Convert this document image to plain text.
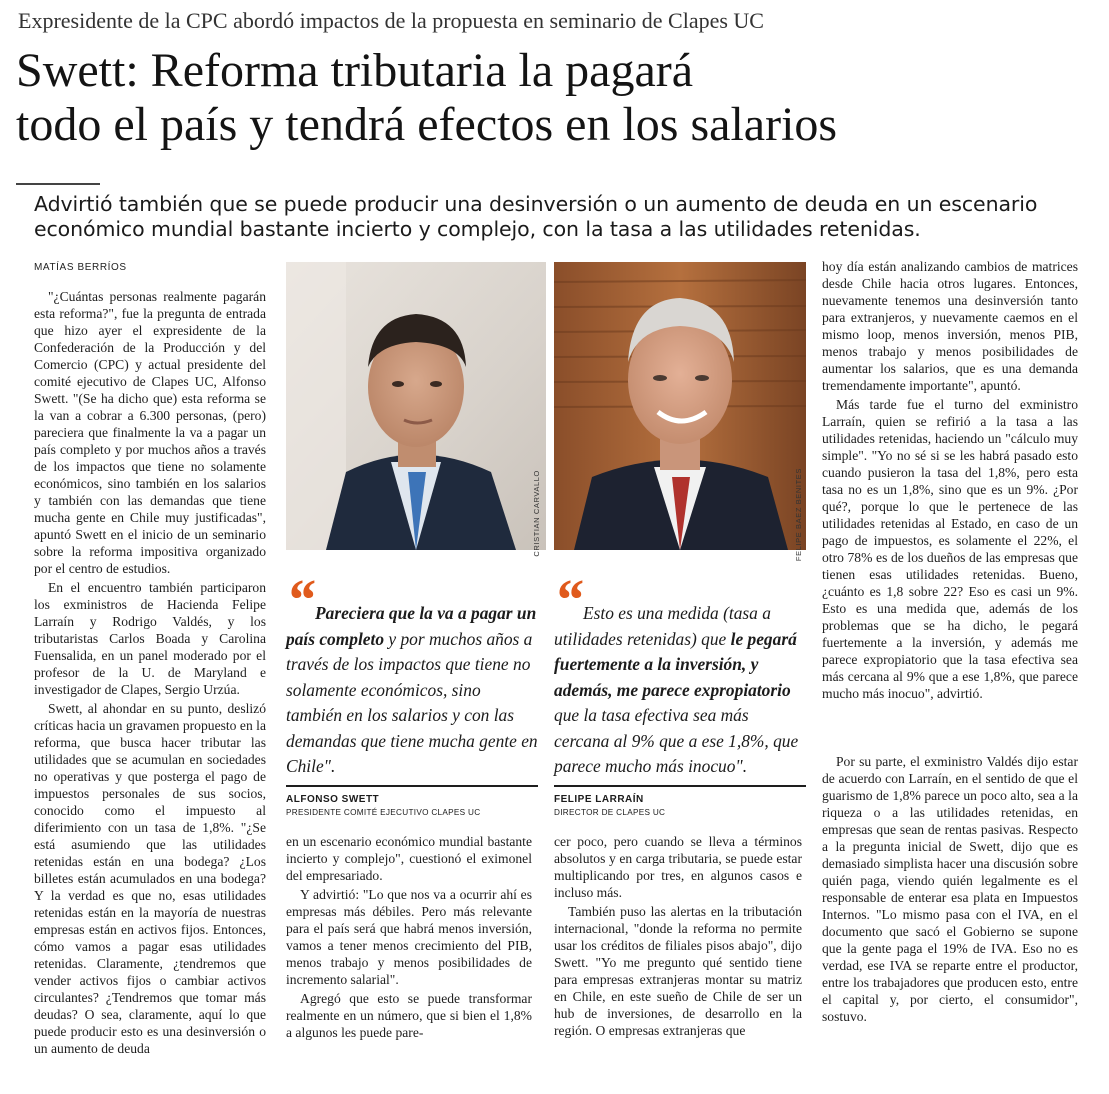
Expresidente de la CPC abordó impactos de la propuesta en seminario de Clapes UC
Swett: Reforma tributaria la pagará
todo el país y tendrá efectos en los salarios
Advirtió también que se puede producir una desinversión o un aumento de deuda en un escenario económico mundial bastante incierto y complejo, con la tasa a las utilidades retenidas.
MATÍAS BERRÍOS

"¿Cuántas personas realmente pagarán esta reforma?", fue la pregunta de entrada que hizo ayer el expresidente de la Confederación de la Producción y del Comercio (CPC) y actual presidente del comité ejecutivo de Clapes UC, Alfonso Swett. "(Se ha dicho que) esta reforma se la van a cobrar a 6.300 personas, (pero) pareciera que finalmente la va a pagar un país completo y por muchos años a través de los impactos que tiene no solamente económicos, sino también en los salarios y también con las demandas que tiene mucha gente en Chile muy justificadas", apuntó Swett en el inicio de un seminario sobre la reforma impositiva organizado por el centro de estudios.

En el encuentro también participaron los exministros de Hacienda Felipe Larraín y Rodrigo Valdés, y los tributaristas Carlos Boada y Carolina Fuensalida, en un panel moderado por el profesor de la U. de Maryland e investigador de Clapes, Sergio Urzúa.

Swett, al ahondar en su punto, deslizó críticas hacia un gravamen propuesto en la reforma, que busca hacer tributar las utilidades que se acumulan en sociedades no operativas y que posterga el pago de impuestos personales de sus socios, conocido como el impuesto al diferimiento con un tasa de 1,8%. "¿Se está asumiendo que las utilidades retenidas están en una bodega? ¿Los billetes están acumulados en una bodega? Y la verdad es que no, esas utilidades retenidas están en la mayoría de nuestras empresas están en activos fijos. Entonces, cómo vamos a pagar esas utilidades retenidas. Claramente, ¿tendremos que vender activos fijos o cambiar activos circulantes? ¿Tendremos que tomar más deudas? O sea, claramente, aquí lo que puede producir esto es una desinversión o un aumento de deuda

CRISTIAN CARVALLO	FELIPE BAEZ BENITES
“Pareciera que la va a pagar un país completo y por muchos años a través de los impactos que tiene no solamente económicos, sino también en los salarios y con las demandas que tiene mucha gente en Chile".
ALFONSO SWETT
PRESIDENTE COMITÉ EJECUTIVO CLAPES UC
“Esto es una medida (tasa a utilidades retenidas) que le pegará fuertemente a la inversión, y además, me parece expropiatorio que la tasa efectiva sea más cercana al 9% que a ese 1,8%, que parece mucho más inocuo".
FELIPE LARRAÍN
DIRECTOR DE CLAPES UC

en un escenario económico mundial bastante incierto y complejo", cuestionó el eximonel del empresariado.

Y advirtió: "Lo que nos va a ocurrir ahí es empresas más débiles. Pero más relevante para el país será que habrá menos inversión, vamos a tener menos crecimiento del PIB, menos trabajo y menos posibilidades de incremento salarial".

Agregó que esto se puede transformar realmente en un número, que si bien el 1,8% a algunos les puede pare-

cer poco, pero cuando se lleva a términos absolutos y en carga tributaria, se puede estar multiplicando por tres, en algunos casos e incluso más.

También puso las alertas en la tributación internacional, "donde la reforma no permite usar los créditos de filiales pisos abajo", dijo Swett. "Yo me pregunto qué sentido tiene para empresas extranjeras montar su matriz en Chile, en este sueño de Chile de ser un hub de inversiones, de desarrollo en la región. O empresas extranjeras que

hoy día están analizando cambios de matrices desde Chile hacia otros lugares. Entonces, nuevamente tenemos una desinversión tanto para extranjeros, y nuevamente caemos en el mismo loop, menos inversión, menos PIB, menos trabajo y menos posibilidades de aumentar los salarios, que es una demanda tremendamente importante", apuntó.

Más tarde fue el turno del exministro Larraín, quien se refirió a la tasa a las utilidades retenidas, haciendo un "cálculo muy simple". "Yo no sé si se les habrá pasado esto cuando pusieron la tasa del 1,8%, pero esta tasa no es un 1,8%, sino que es un 9%. ¿Por qué?, porque lo que le pertenece de las utilidades retenidas al Estado, en caso de un pago de impuestos, es solamente el 22%, el otro 78% es de los dueños de las empresas que tienen esas utilidades retenidas. Bueno, ¿cuánto es 1,8 sobre 22? Eso es casi un 9%. Esto es una medida que, además de los problemas que se ha dicho, le pegará fuertemente a la inversión, y además me parece expropiatorio que la tasa efectiva sea más cercana al 9% que a ese 1,8%, que parece mucho más inocuo", advirtió.

Por su parte, el exministro Valdés dijo estar de acuerdo con Larraín, en el sentido de que el guarismo de 1,8% parece un poco alto, sea a la riqueza o a las utilidades retenidas, en empresas que sean de rentas pasivas. Respecto a la pregunta inicial de Swett, dijo que es demasiado simplista hacer una discusión sobre quién paga, viendo quién legalmente es el responsable de enterar esa plata en Impuestos Internos. "Lo mismo pasa con el IVA, en el documento que sacó el Gobierno se supone que la gente paga el 19% de IVA. Eso no es verdad, ese IVA se reparte entre el productor, entre los trabajadores que producen esto, entre el capital y, por cierto, el consumidor", sostuvo.
